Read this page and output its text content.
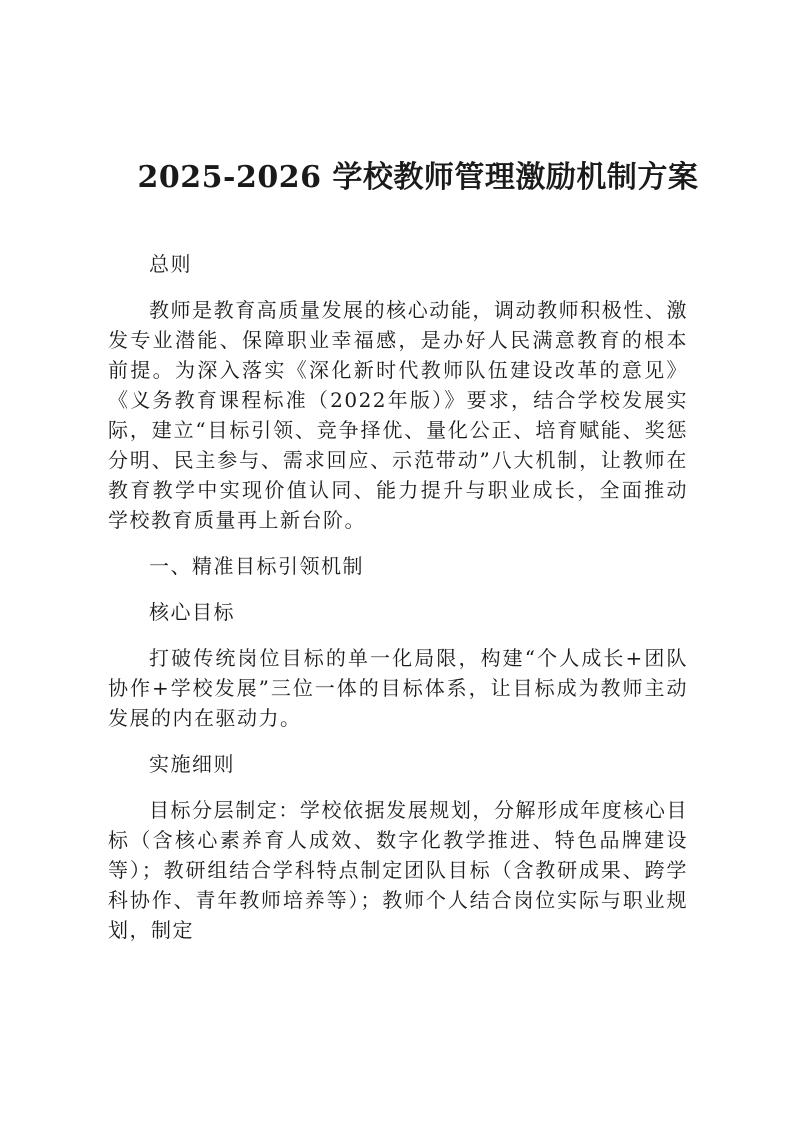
2025-2026 学校教师管理激励机制方案

总则

教师是教育高质量发展的核心动能，调动教师积极性、激发专业潜能、保障职业幸福感，是办好人民满意教育的根本前提。为深入落实《深化新时代教师队伍建设改革的意见》《义务教育课程标准（2022年版）》要求，结合学校发展实际，建立“目标引领、竞争择优、量化公正、培育赋能、奖惩分明、民主参与、需求回应、示范带动”八大机制，让教师在教育教学中实现价值认同、能力提升与职业成长，全面推动学校教育质量再上新台阶。

一、精准目标引领机制

核心目标

打破传统岗位目标的单一化局限，构建“个人成长+团队协作+学校发展”三位一体的目标体系，让目标成为教师主动发展的内在驱动力。

实施细则

目标分层制定：学校依据发展规划，分解形成年度核心目标（含核心素养育人成效、数字化教学推进、特色品牌建设等）；教研组结合学科特点制定团队目标（含教研成果、跨学科协作、青年教师培养等）；教师个人结合岗位实际与职业规划，制定
